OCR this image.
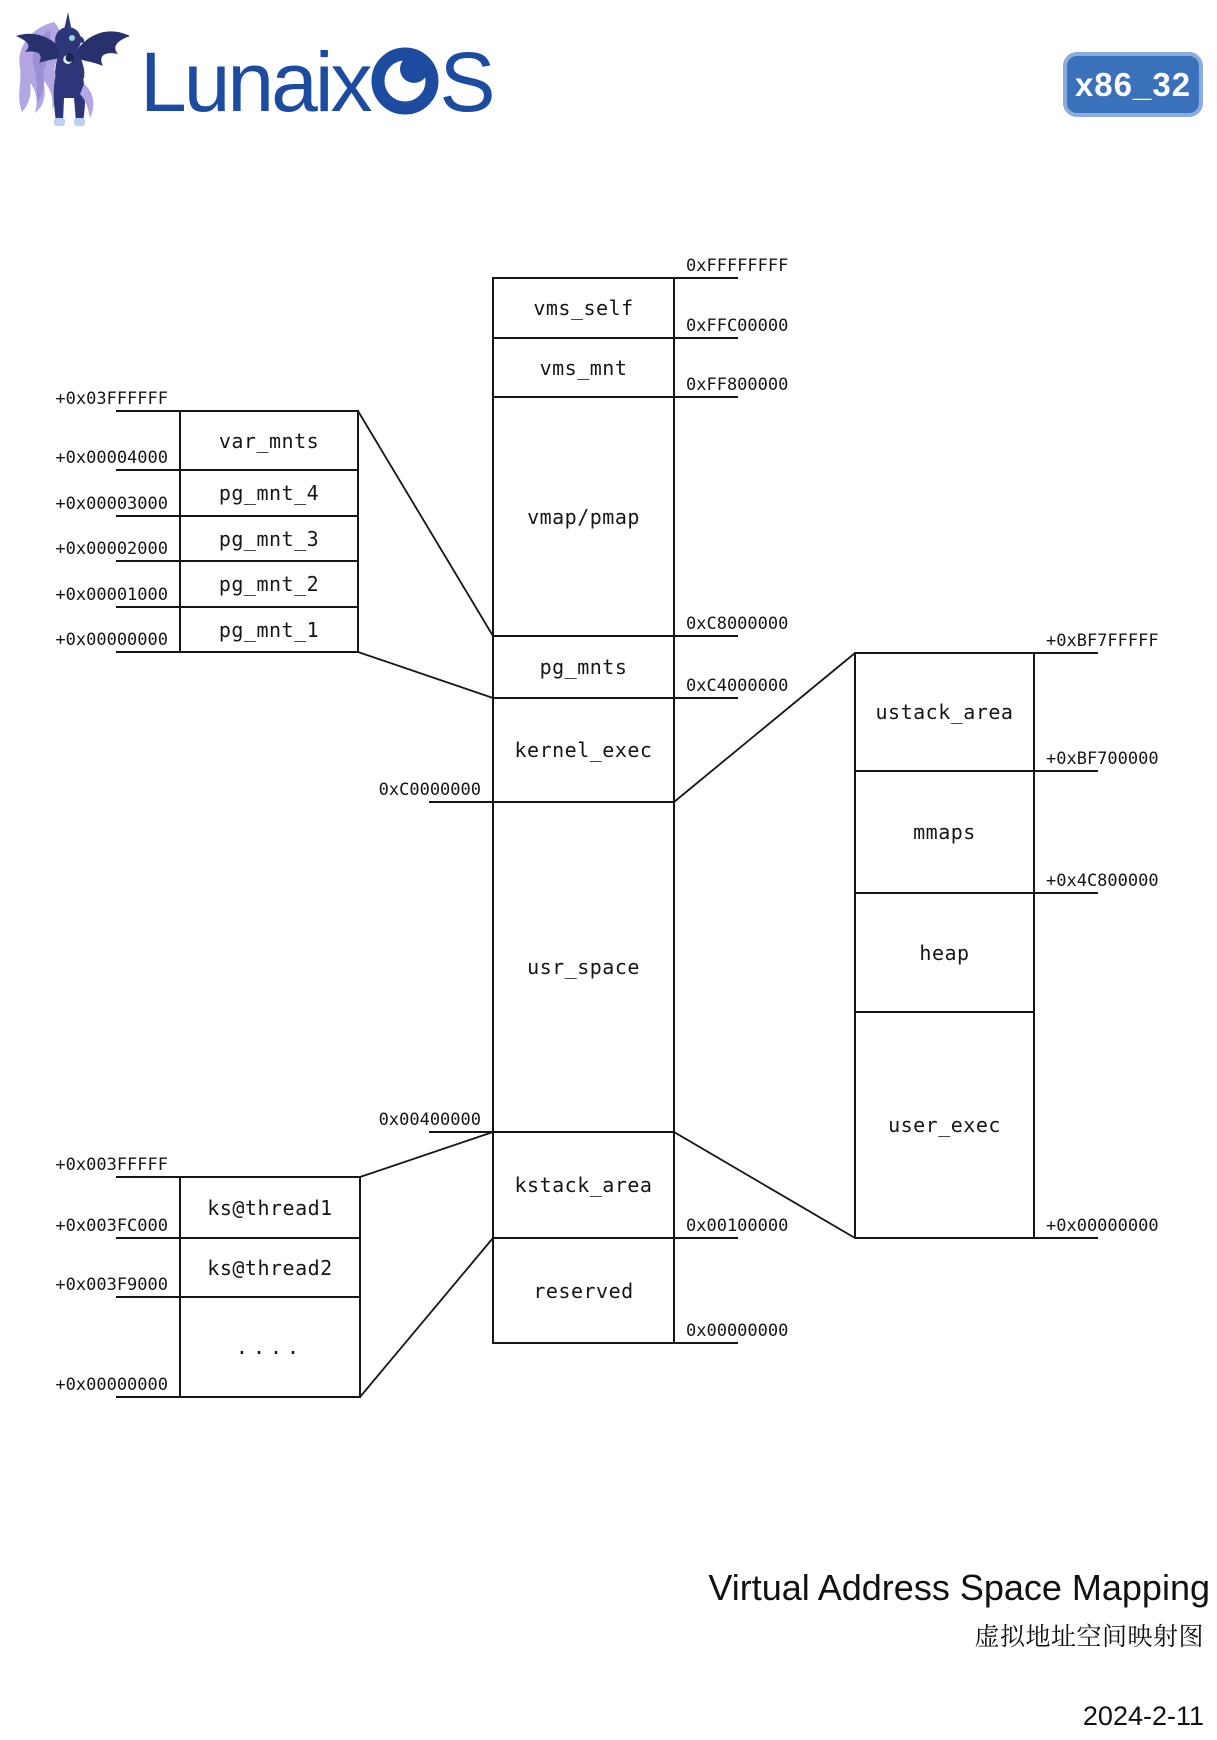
Lunaix S	x86_32
vms_self
vms_mnt
vmap/pmap
pg_mnts
kernel_exec
usr_space
kstack_area
reserved
0xFFFFFFFF
0xFFC00000
0xFF800000
0xC8000000
0xC4000000
0xC0000000
0x00400000
0x00100000
0x00000000
var_mnts
pg_mnt_4
pg_mnt_3
pg_mnt_2
pg_mnt_1
+0x03FFFFFF
+0x00004000
+0x00003000
+0x00002000
+0x00001000
+0x00000000
ks@thread1
ks@thread2
....
+0x003FFFFF
+0x003FC000
+0x003F9000
+0x00000000
ustack_area
mmaps
heap
user_exec
+0xBF7FFFFF
+0xBF700000
+0x4C800000
+0x00000000
Virtual Address Space Mapping
虚拟地址空间映射图
2024-2-11
